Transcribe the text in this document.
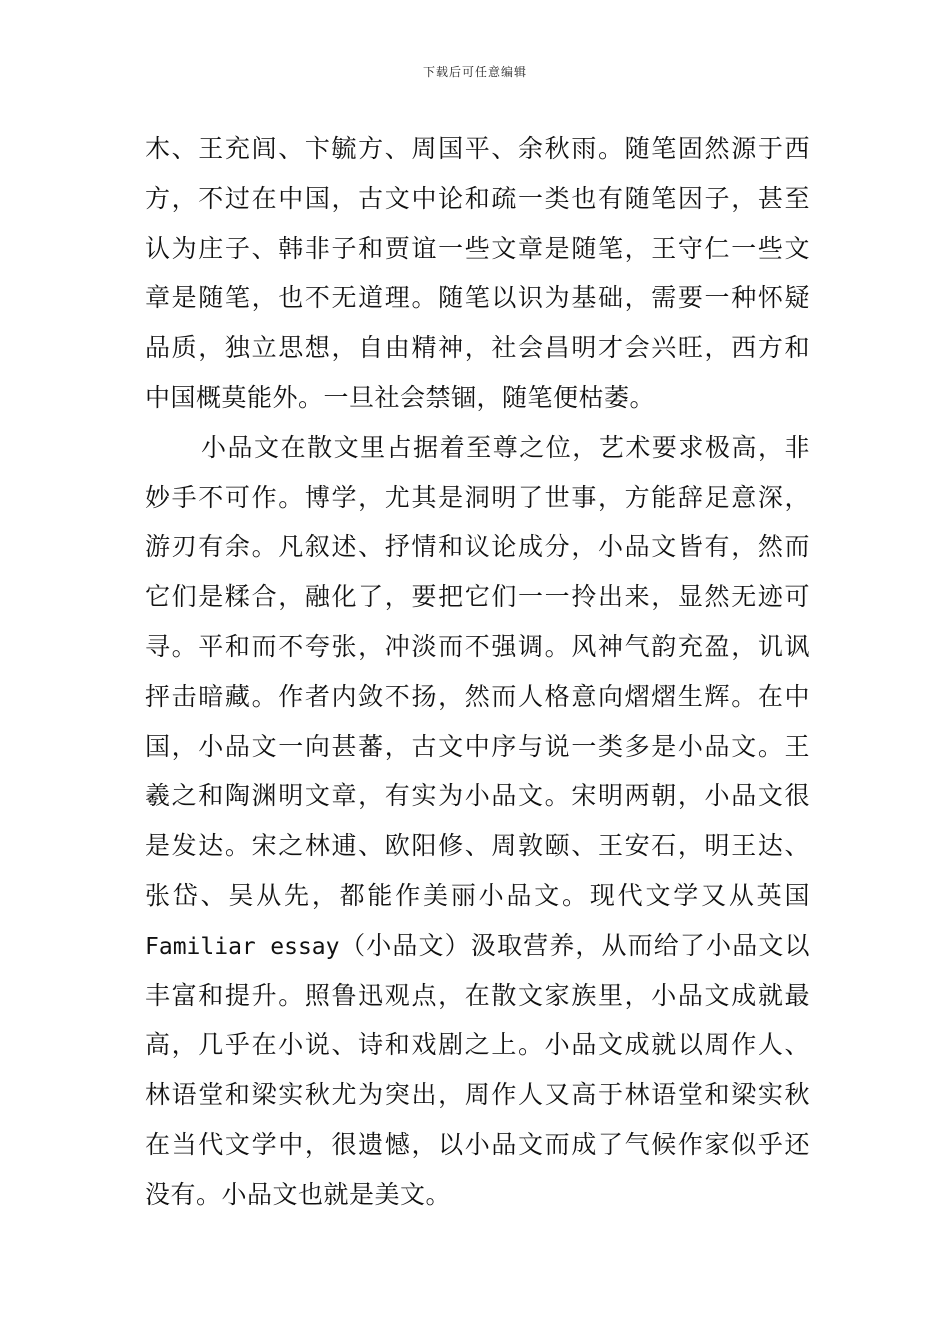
下载后可任意编辑
木、王充闾、卞毓方、周国平、余秋雨。随笔固然源于西
方，不过在中国，古文中论和疏一类也有随笔因子，甚至
认为庄子、韩非子和贾谊一些文章是随笔，王守仁一些文
章是随笔，也不无道理。随笔以识为基础，需要一种怀疑
品质，独立思想，自由精神，社会昌明才会兴旺，西方和
中国概莫能外。一旦社会禁锢，随笔便枯萎。
小品文在散文里占据着至尊之位，艺术要求极高，非
妙手不可作。博学，尤其是洞明了世事，方能辞足意深，
游刃有余。凡叙述、抒情和议论成分，小品文皆有，然而
它们是糅合，融化了，要把它们一一拎出来，显然无迹可
寻。平和而不夸张，冲淡而不强调。风神气韵充盈，讥讽
抨击暗藏。作者内敛不扬，然而人格意向熠熠生辉。在中
国，小品文一向甚蕃，古文中序与说一类多是小品文。王
羲之和陶渊明文章，有实为小品文。宋明两朝，小品文很
是发达。宋之林逋、欧阳修、周敦颐、王安石，明王达、
张岱、吴从先，都能作美丽小品文。现代文学又从英国
Familiar essay（小品文）汲取营养，从而给了小品文以
丰富和提升。照鲁迅观点，在散文家族里，小品文成就最
高，几乎在小说、诗和戏剧之上。小品文成就以周作人、
林语堂和梁实秋尤为突出，周作人又高于林语堂和梁实秋
在当代文学中，很遗憾，以小品文而成了气候作家似乎还
没有。小品文也就是美文。
